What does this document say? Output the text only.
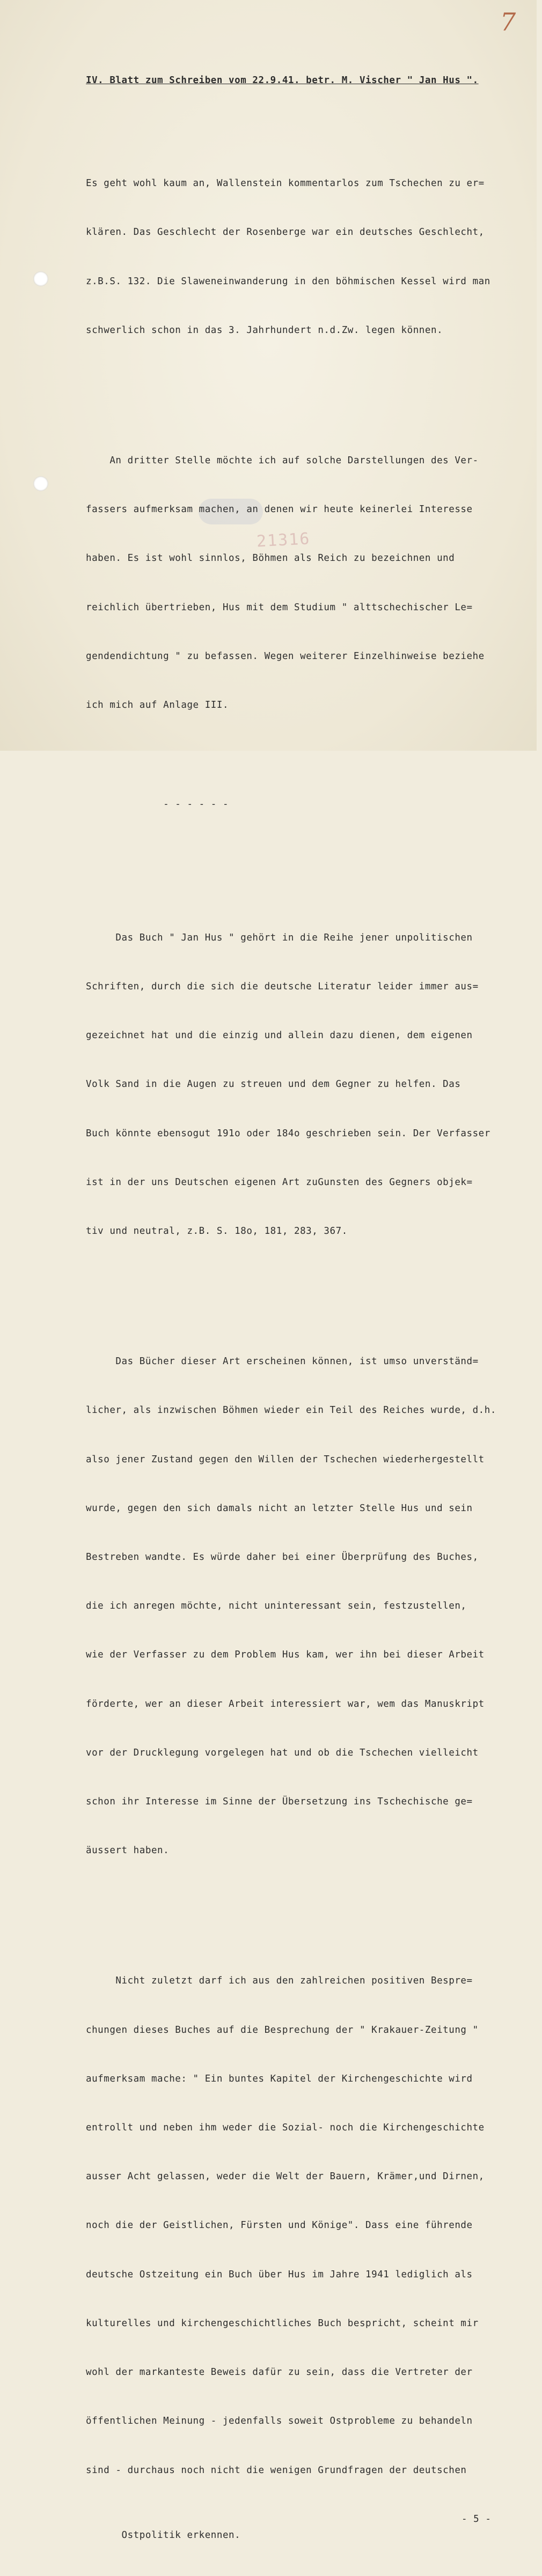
7
21316

IV. Blatt zum Schreiben vom 22.9.41. betr. M. Vischer " Jan Hus ".

Es geht wohl kaum an, Wallenstein kommentarlos zum Tschechen zu er=

klären. Das Geschlecht der Rosenberge war ein deutsches Geschlecht,

z.B.S. 132. Die Slaweneinwanderung in den böhmischen Kessel wird man

schwerlich schon in das 3. Jahrhundert n.d.Zw. legen können.

An dritter Stelle möchte ich auf solche Darstellungen des Ver-

fassers aufmerksam machen, an denen wir heute keinerlei Interesse

haben. Es ist wohl sinnlos, Böhmen als Reich zu bezeichnen und

reichlich übertrieben, Hus mit dem Studium " alttschechischer Le=

gendendichtung " zu befassen. Wegen weiterer Einzelhinweise beziehe

ich mich auf Anlage III.

- - - - - -

Das Buch " Jan Hus " gehört in die Reihe jener unpolitischen

Schriften, durch die sich die deutsche Literatur leider immer aus=

gezeichnet hat und die einzig und allein dazu dienen, dem eigenen

Volk Sand in die Augen zu streuen und dem Gegner zu helfen. Das

Buch könnte ebensogut 191o oder 184o geschrieben sein. Der Verfasser

ist in der uns Deutschen eigenen Art zuGunsten des Gegners objek=

tiv und neutral, z.B. S. 18o, 181, 283, 367.

Das Bücher dieser Art erscheinen können, ist umso unverständ=

licher, als inzwischen Böhmen wieder ein Teil des Reiches wurde, d.h.

also jener Zustand gegen den Willen der Tschechen wiederhergestellt

wurde, gegen den sich damals nicht an letzter Stelle Hus und sein

Bestreben wandte. Es würde daher bei einer Überprüfung des Buches,

die ich anregen möchte, nicht uninteressant sein, festzustellen,

wie der Verfasser zu dem Problem Hus kam, wer ihn bei dieser Arbeit

förderte, wer an dieser Arbeit interessiert war, wem das Manuskript

vor der Drucklegung vorgelegen hat und ob die Tschechen vielleicht

schon ihr Interesse im Sinne der Übersetzung ins Tschechische ge=

äussert haben.

Nicht zuletzt darf ich aus den zahlreichen positiven Bespre=

chungen dieses Buches auf die Besprechung der " Krakauer-Zeitung "

aufmerksam mache: " Ein buntes Kapitel der Kirchengeschichte wird

entrollt und neben ihm weder die Sozial- noch die Kirchengeschichte

ausser Acht gelassen, weder die Welt der Bauern, Krämer,und Dirnen,

noch die der Geistlichen, Fürsten und Könige". Dass eine führende

deutsche Ostzeitung ein Buch über Hus im Jahre 1941 lediglich als

kulturelles und kirchengeschichtliches Buch bespricht, scheint mir

wohl der markanteste Beweis dafür zu sein, dass die Vertreter der

öffentlichen Meinung - jedenfalls soweit Ostprobleme zu behandeln

sind - durchaus noch nicht die wenigen Grundfragen der deutschen

Ostpolitik erkennen.

- 5 -
